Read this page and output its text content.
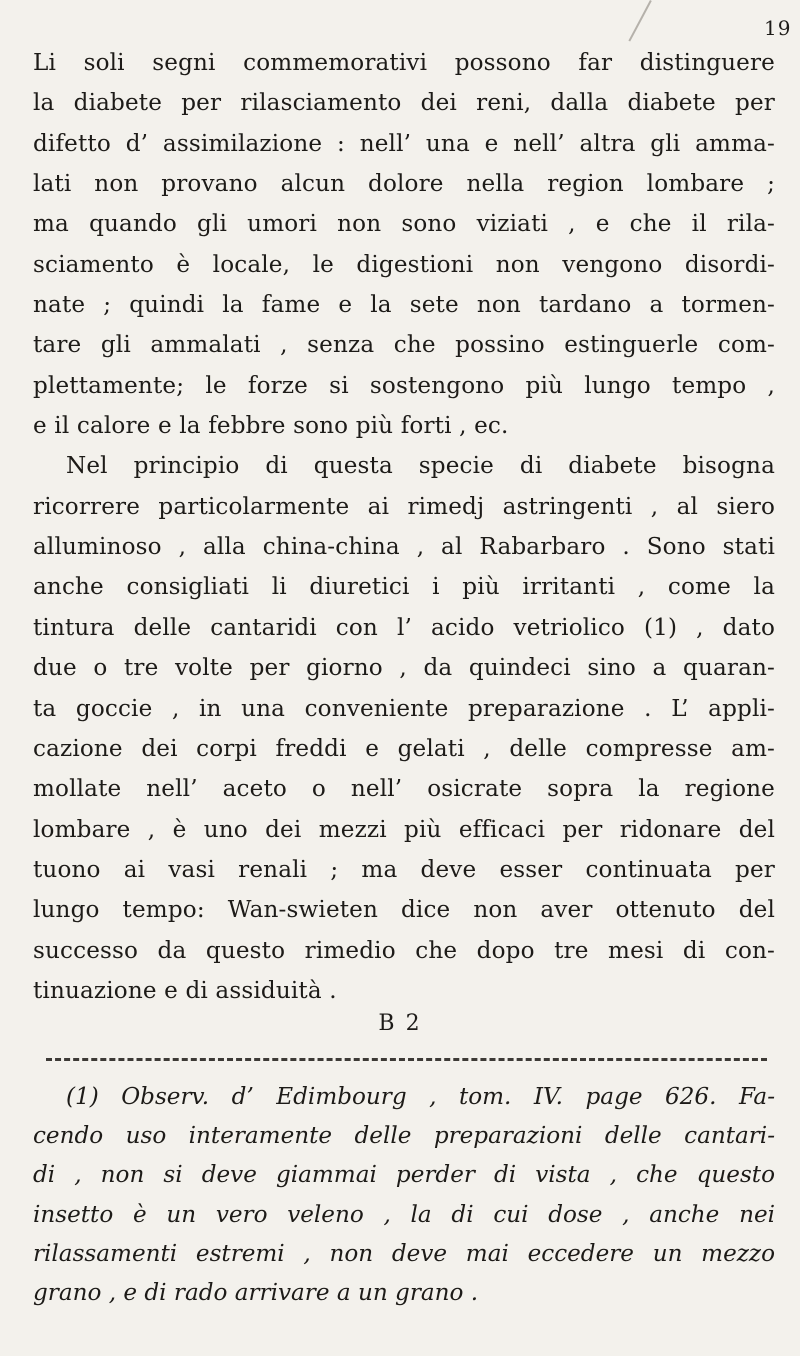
19
Li soli segni commemorativi possono far distinguere
la diabete per rilasciamento dei reni, dalla diabete per
difetto d’ assimilazione : nell’ una e nell’ altra gli amma-
lati non provano alcun dolore nella region lombare ;
ma quando gli umori non sono viziati , e che il rila-
sciamento è locale, le digestioni non vengono disordi-
nate ; quindi la fame e la sete non tardano a tormen-
tare gli ammalati , senza che possino estinguerle com-
plettamente; le forze si sostengono più lungo tempo ,
e il calore e la febbre sono più forti , ec.
Nel principio di questa specie di diabete bisogna
ricorrere particolarmente ai rimedj astringenti , al siero
alluminoso , alla china-china , al Rabarbaro . Sono stati
anche consigliati li diuretici i più irritanti , come la
tintura delle cantaridi con l’ acido vetriolico (1) , dato
due o tre volte per giorno , da quindeci sino a quaran-
ta goccie , in una conveniente preparazione . L’ appli-
cazione dei corpi freddi e gelati , delle compresse am-
mollate nell’ aceto o nell’ osicrate sopra la regione
lombare , è uno dei mezzi più efficaci per ridonare del
tuono ai vasi renali ; ma deve esser continuata per
lungo tempo: Wan-swieten dice non aver ottenuto del
successo da questo rimedio che dopo tre mesi di con-
tinuazione e di assiduità .
B 2
(1) Observ. d’ Edimbourg , tom. IV. page 626. Fa-
cendo uso interamente delle preparazioni delle cantari-
di , non si deve giammai perder di vista , che questo
insetto è un vero veleno , la di cui dose , anche nei
rilassamenti estremi , non deve mai eccedere un mezzo
grano , e di rado arrivare a un grano .
